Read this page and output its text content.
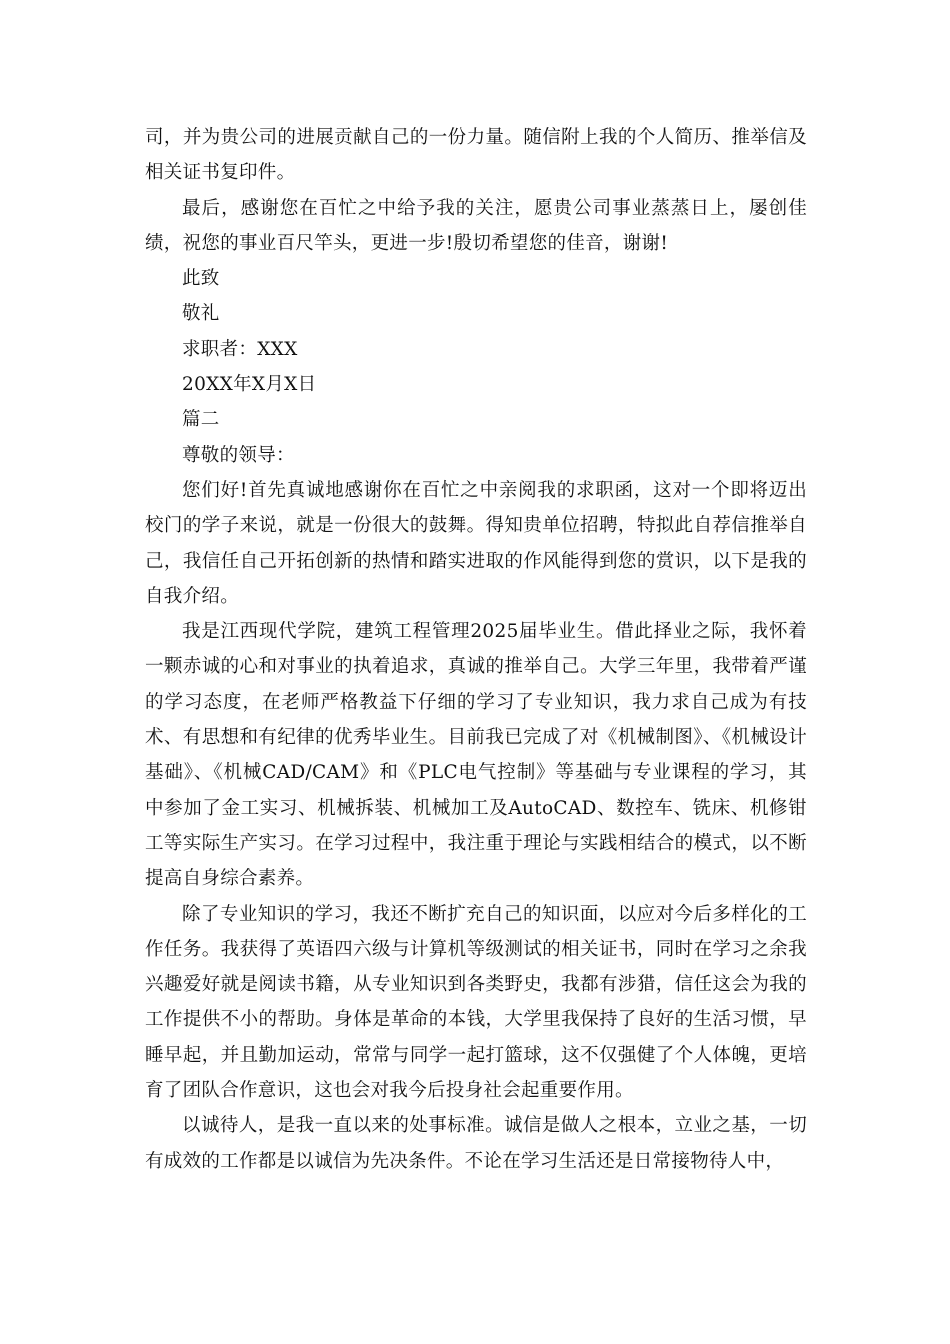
司，并为贵公司的进展贡献自己的一份力量。随信附上我的个人简历、推举信及相关证书复印件。

最后，感谢您在百忙之中给予我的关注，愿贵公司事业蒸蒸日上，屡创佳绩，祝您的事业百尺竿头，更进一步!殷切希望您的佳音，谢谢!

此致

敬礼

求职者：XXX

20XX年X月X日

篇二

尊敬的领导：

您们好!首先真诚地感谢你在百忙之中亲阅我的求职函，这对一个即将迈出校门的学子来说，就是一份很大的鼓舞。得知贵单位招聘，特拟此自荐信推举自己，我信任自己开拓创新的热情和踏实进取的作风能得到您的赏识，以下是我的自我介绍。

我是江西现代学院，建筑工程管理2025届毕业生。借此择业之际，我怀着一颗赤诚的心和对事业的执着追求，真诚的推举自己。大学三年里，我带着严谨的学习态度，在老师严格教益下仔细的学习了专业知识，我力求自己成为有技术、有思想和有纪律的优秀毕业生。目前我已完成了对《机械制图》、《机械设计基础》、《机械CAD/CAM》和《PLC电气控制》等基础与专业课程的学习，其中参加了金工实习、机械拆装、机械加工及AutoCAD、数控车、铣床、机修钳工等实际生产实习。在学习过程中，我注重于理论与实践相结合的模式，以不断提高自身综合素养。

除了专业知识的学习，我还不断扩充自己的知识面，以应对今后多样化的工作任务。我获得了英语四六级与计算机等级测试的相关证书，同时在学习之余我兴趣爱好就是阅读书籍，从专业知识到各类野史，我都有涉猎，信任这会为我的工作提供不小的帮助。身体是革命的本钱，大学里我保持了良好的生活习惯，早睡早起，并且勤加运动，常常与同学一起打篮球，这不仅强健了个人体魄，更培育了团队合作意识，这也会对我今后投身社会起重要作用。

以诚待人，是我一直以来的处事标准。诚信是做人之根本，立业之基，一切有成效的工作都是以诚信为先决条件。不论在学习生活还是日常接物待人中，
